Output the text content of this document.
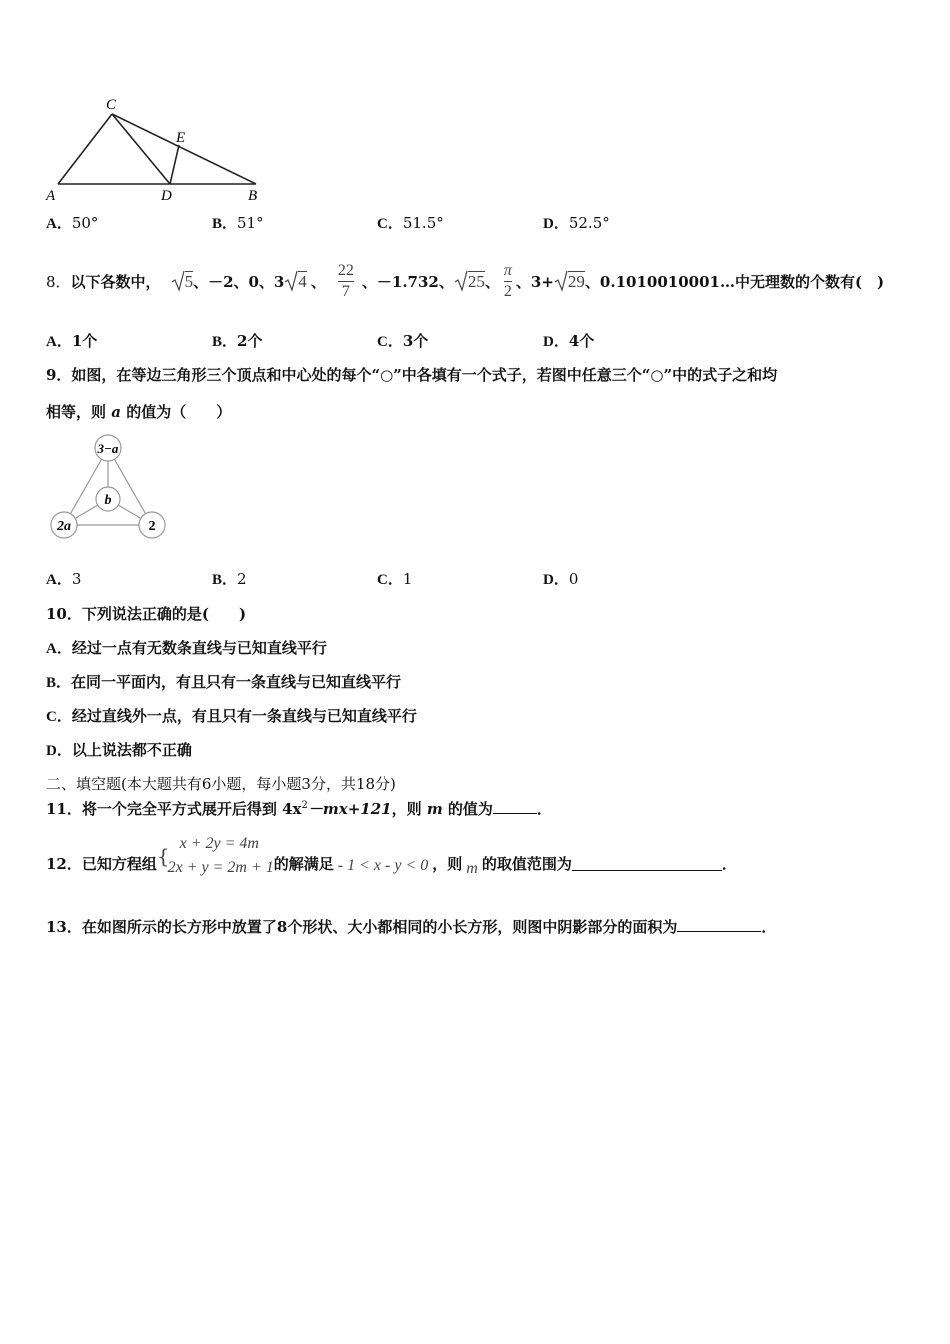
C
E
A	D	B
A．50°	B．51°	C．51.5°	D．52.5°
8． 以下各数中， 5 、－2、0、3 4 、 $\frac{22}{7}$ 、－1.732、 25 、 $\frac{\pi}{2}$ 、3+ 29 、0.1010010001…中无理数的个数有(　)
A．1个	B．2个	C．3个	D．4个
9．如图，在等边三角形三个顶点和中心处的每个“○”中各填有一个式子，若图中任意三个“○”中的式子之和均
相等，则 a 的值为（　　）
3−a
b
2a	2
A．3	B．2	C．1	D．0
10．下列说法正确的是(　　)
A．经过一点有无数条直线与已知直线平行
B．在同一平面内，有且只有一条直线与已知直线平行
C．经过直线外一点，有且只有一条直线与已知直线平行
D．以上说法都不正确
二、填空题(本大题共有6小题，每小题3分，共18分)
11．将一个完全平方式展开后得到 $4x^2-mx+121$，则 m 的值为	．
12．已知方程组 {
x + 2y = 4m
2x + y = 2m + 1 的解满足 - 1 < x - y < 0 ，则 m 的取值范围为	．
13．在如图所示的长方形中放置了8个形状、大小都相同的小长方形，则图中阴影部分的面积为	．
